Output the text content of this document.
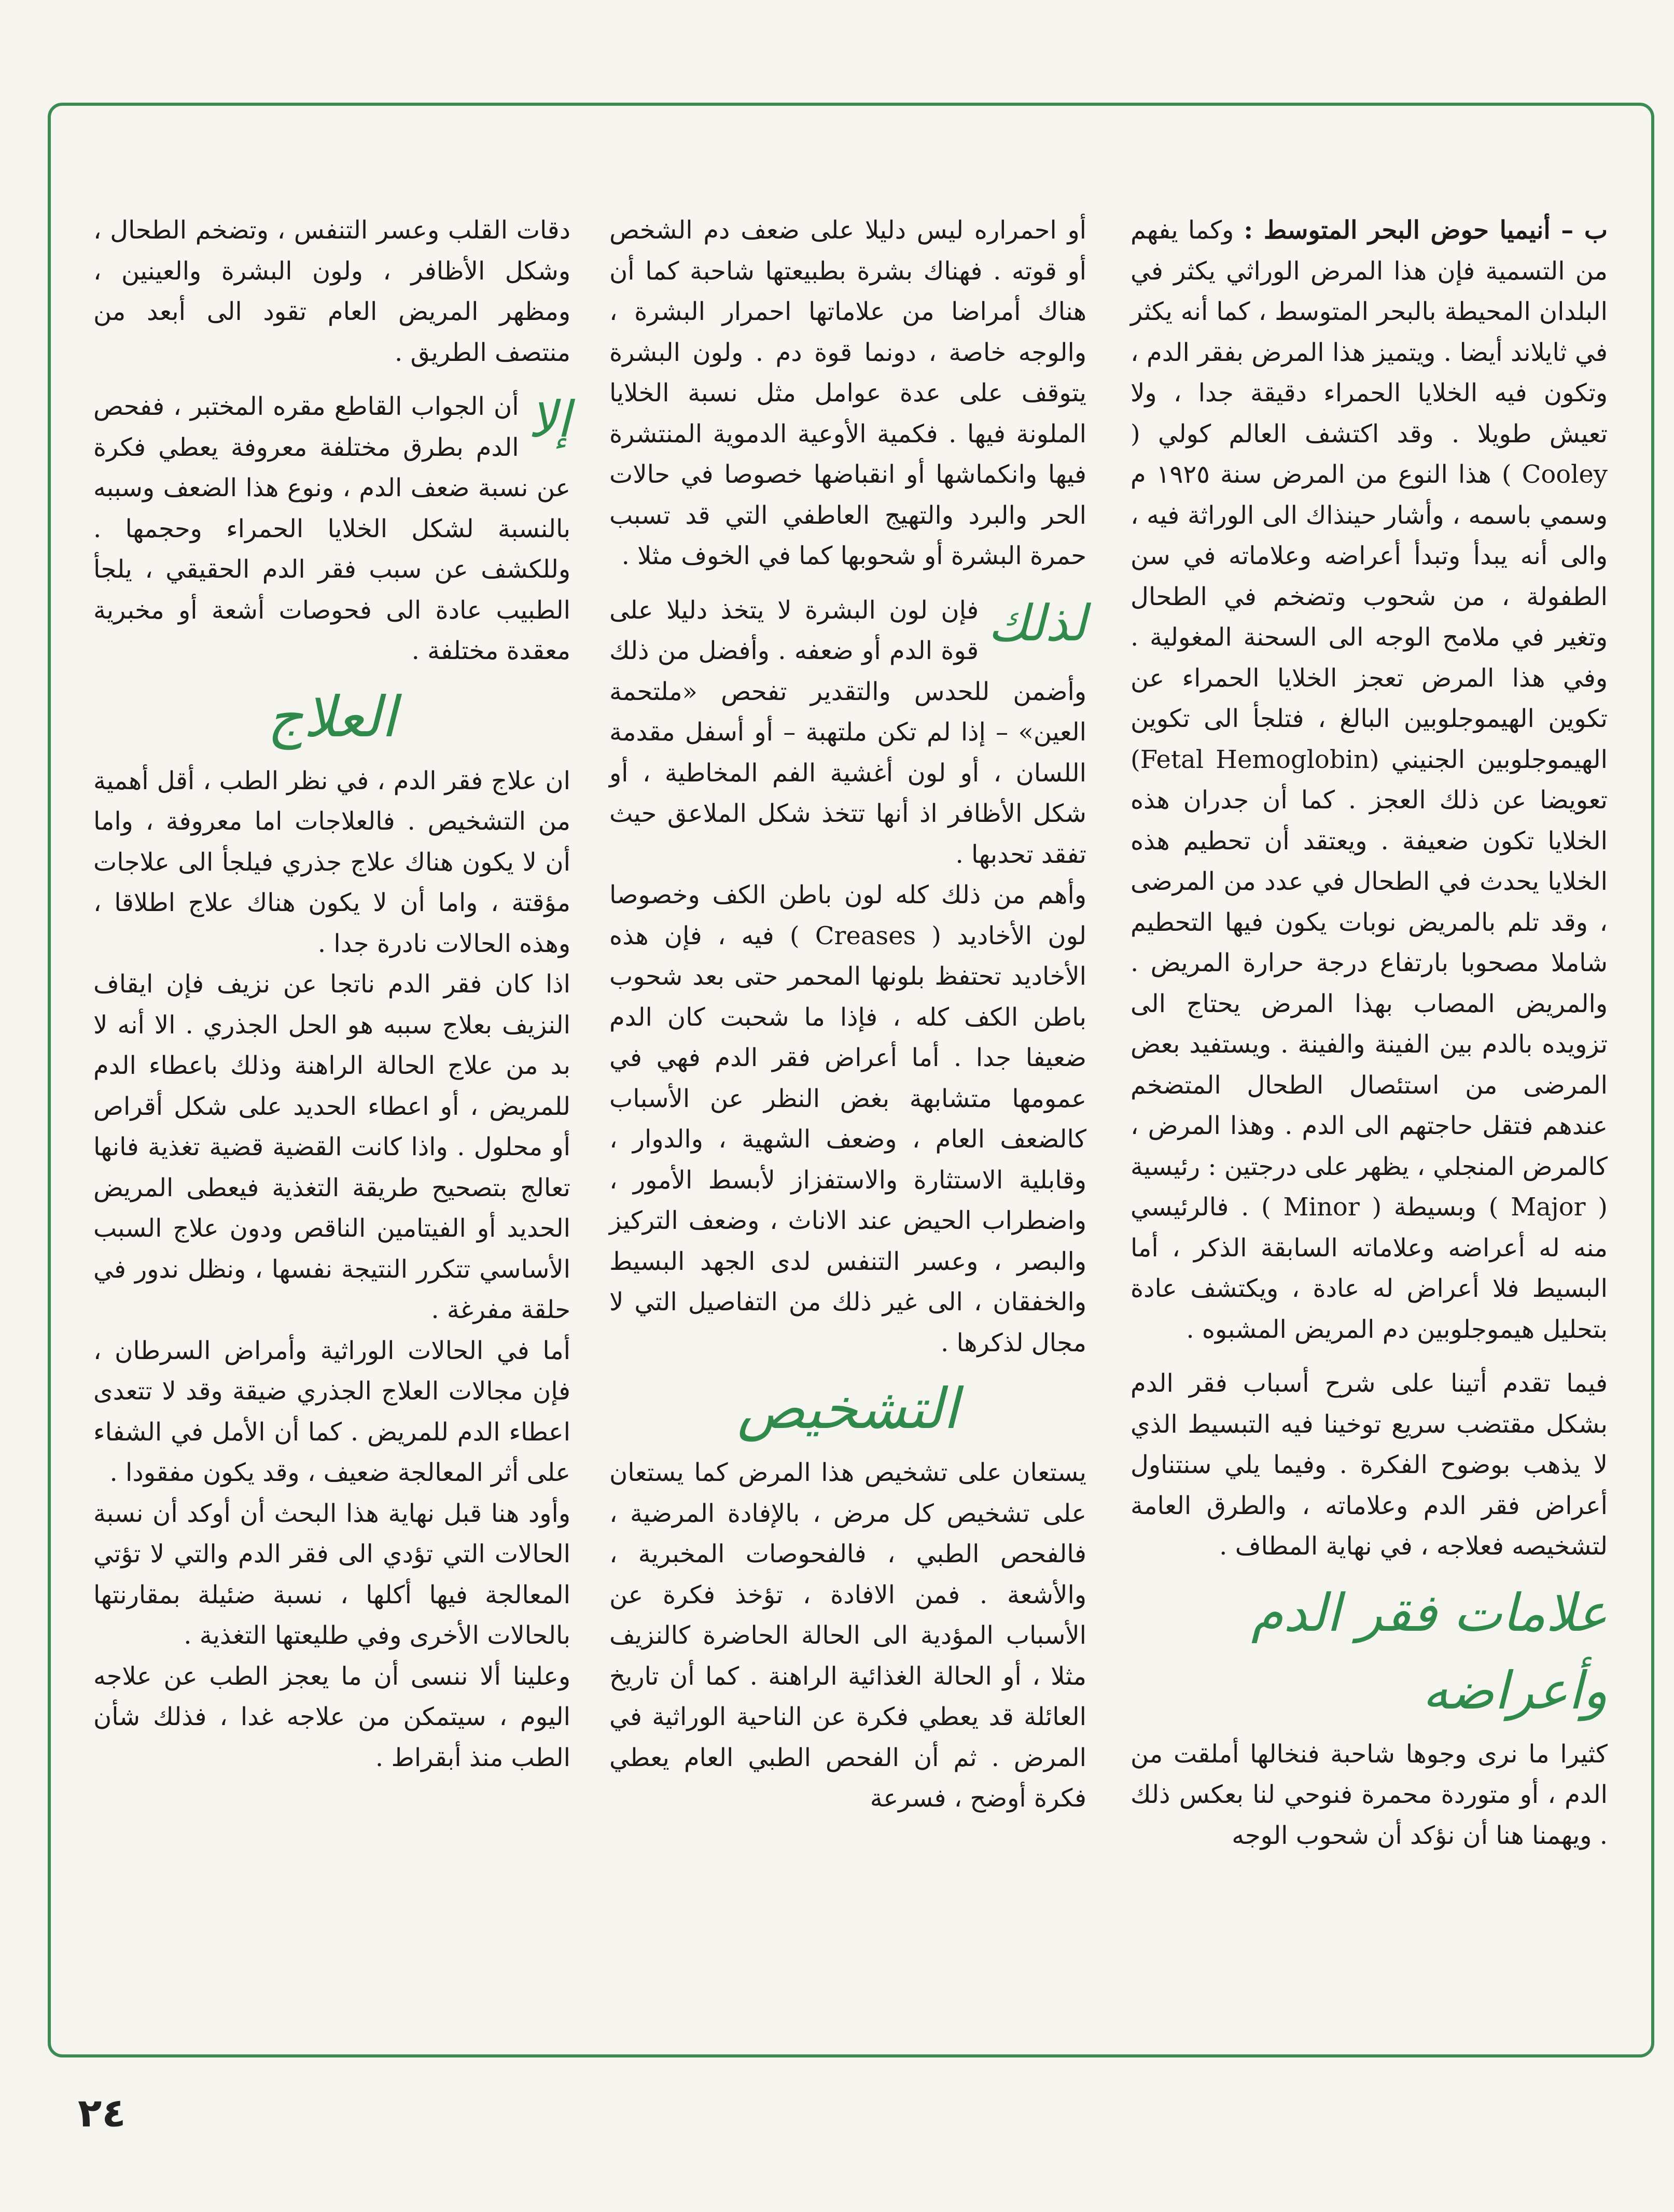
ب – أنيميا حوض البحر المتوسط : وكما يفهم من التسمية فإن هذا المرض الوراثي يكثر في البلدان المحيطة بالبحر المتوسط ، كما أنه يكثر في ثايلاند أيضا . ويتميز هذا المرض بفقر الدم ، وتكون فيه الخلايا الحمراء دقيقة جدا ، ولا تعيش طويلا . وقد اكتشف العالم كولي ( Cooley ) هذا النوع من المرض سنة ١٩٢٥ م وسمي باسمه ، وأشار حينذاك الى الوراثة فيه ، والى أنه يبدأ وتبدأ أعراضه وعلاماته في سن الطفولة ، من شحوب وتضخم في الطحال وتغير في ملامح الوجه الى السحنة المغولية . وفي هذا المرض تعجز الخلايا الحمراء عن تكوين الهيموجلوبين البالغ ، فتلجأ الى تكوين الهيموجلوبين الجنيني (Fetal Hemoglobin) تعويضا عن ذلك العجز . كما أن جدران هذه الخلايا تكون ضعيفة . ويعتقد أن تحطيم هذه الخلايا يحدث في الطحال في عدد من المرضى ، وقد تلم بالمريض نوبات يكون فيها التحطيم شاملا مصحوبا بارتفاع درجة حرارة المريض . والمريض المصاب بهذا المرض يحتاج الى تزويده بالدم بين الفينة والفينة . ويستفيد بعض المرضى من استئصال الطحال المتضخم عندهم فتقل حاجتهم الى الدم . وهذا المرض ، كالمرض المنجلي ، يظهر على درجتين : رئيسية ( Major ) وبسيطة ( Minor ) . فالرئيسي منه له أعراضه وعلاماته السابقة الذكر ، أما البسيط فلا أعراض له عادة ، ويكتشف عادة بتحليل هيموجلوبين دم المريض المشبوه .

فيما تقدم أتينا على شرح أسباب فقر الدم بشكل مقتضب سريع توخينا فيه التبسيط الذي لا يذهب بوضوح الفكرة . وفيما يلي سنتناول أعراض فقر الدم وعلاماته ، والطرق العامة لتشخيصه فعلاجه ، في نهاية المطاف .

علامات فقر الدم وأعراضه

كثيرا ما نرى وجوها شاحبة فنخالها أملقت من الدم ، أو متوردة محمرة فنوحي لنا بعكس ذلك . ويهمنا هنا أن نؤكد أن شحوب الوجه

أو احمراره ليس دليلا على ضعف دم الشخص أو قوته . فهناك بشرة بطبيعتها شاحبة كما أن هناك أمراضا من علاماتها احمرار البشرة ، والوجه خاصة ، دونما قوة دم . ولون البشرة يتوقف على عدة عوامل مثل نسبة الخلايا الملونة فيها . فكمية الأوعية الدموية المنتشرة فيها وانكماشها أو انقباضها خصوصا في حالات الحر والبرد والتهيج العاطفي التي قد تسبب حمرة البشرة أو شحوبها كما في الخوف مثلا .

لذلك
فإن لون البشرة لا يتخذ دليلا على قوة الدم أو ضعفه . وأفضل من ذلك وأضمن للحدس والتقدير تفحص «ملتحمة العين» – إذا لم تكن ملتهبة – أو أسفل مقدمة اللسان ، أو لون أغشية الفم المخاطية ، أو شكل الأظافر اذ أنها تتخذ شكل الملاعق حيث تفقد تحدبها .

وأهم من ذلك كله لون باطن الكف وخصوصا لون الأخاديد ( Creases ) فيه ، فإن هذه الأخاديد تحتفظ بلونها المحمر حتى بعد شحوب باطن الكف كله ، فإذا ما شحبت كان الدم ضعيفا جدا . أما أعراض فقر الدم فهي في عمومها متشابهة بغض النظر عن الأسباب كالضعف العام ، وضعف الشهية ، والدوار ، وقابلية الاستثارة والاستفزاز لأبسط الأمور ، واضطراب الحيض عند الاناث ، وضعف التركيز والبصر ، وعسر التنفس لدى الجهد البسيط والخفقان ، الى غير ذلك من التفاصيل التي لا مجال لذكرها .

التشخيص

يستعان على تشخيص هذا المرض كما يستعان على تشخيص كل مرض ، بالإفادة المرضية ، فالفحص الطبي ، فالفحوصات المخبرية ، والأشعة . فمن الافادة ، تؤخذ فكرة عن الأسباب المؤدية الى الحالة الحاضرة كالنزيف مثلا ، أو الحالة الغذائية الراهنة . كما أن تاريخ العائلة قد يعطي فكرة عن الناحية الوراثية في المرض . ثم أن الفحص الطبي العام يعطي فكرة أوضح ، فسرعة

دقات القلب وعسر التنفس ، وتضخم الطحال ، وشكل الأظافر ، ولون البشرة والعينين ، ومظهر المريض العام تقود الى أبعد من منتصف الطريق .

إلا
أن الجواب القاطع مقره المختبر ، ففحص الدم بطرق مختلفة معروفة يعطي فكرة عن نسبة ضعف الدم ، ونوع هذا الضعف وسببه بالنسبة لشكل الخلايا الحمراء وحجمها . وللكشف عن سبب فقر الدم الحقيقي ، يلجأ الطبيب عادة الى فحوصات أشعة أو مخبرية معقدة مختلفة .

العلاج

ان علاج فقر الدم ، في نظر الطب ، أقل أهمية من التشخيص . فالعلاجات اما معروفة ، واما أن لا يكون هناك علاج جذري فيلجأ الى علاجات مؤقتة ، واما أن لا يكون هناك علاج اطلاقا ، وهذه الحالات نادرة جدا .

اذا كان فقر الدم ناتجا عن نزيف فإن ايقاف النزيف بعلاج سببه هو الحل الجذري . الا أنه لا بد من علاج الحالة الراهنة وذلك باعطاء الدم للمريض ، أو اعطاء الحديد على شكل أقراص أو محلول . واذا كانت القضية قضية تغذية فانها تعالج بتصحيح طريقة التغذية فيعطى المريض الحديد أو الفيتامين الناقص ودون علاج السبب الأساسي تتكرر النتيجة نفسها ، ونظل ندور في حلقة مفرغة .

أما في الحالات الوراثية وأمراض السرطان ، فإن مجالات العلاج الجذري ضيقة وقد لا تتعدى اعطاء الدم للمريض . كما أن الأمل في الشفاء على أثر المعالجة ضعيف ، وقد يكون مفقودا .

وأود هنا قبل نهاية هذا البحث أن أوكد أن نسبة الحالات التي تؤدي الى فقر الدم والتي لا تؤتي المعالجة فيها أكلها ، نسبة ضئيلة بمقارنتها بالحالات الأخرى وفي طليعتها التغذية .

وعلينا ألا ننسى أن ما يعجز الطب عن علاجه اليوم ، سيتمكن من علاجه غدا ، فذلك شأن الطب منذ أبقراط .

٢٤
